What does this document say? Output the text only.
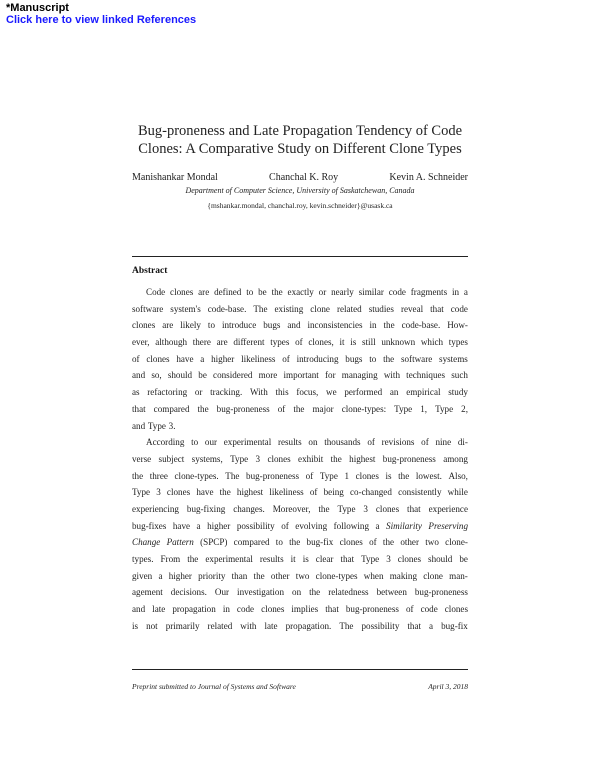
*Manuscript
Click here to view linked References
Bug-proneness and Late Propagation Tendency of Code
Clones: A Comparative Study on Different Clone Types
Manishankar Mondal	Chanchal K. Roy	Kevin A. Schneider
Department of Computer Science, University of Saskatchewan, Canada
{mshankar.mondal, chanchal.roy, kevin.schneider}@usask.ca
Abstract
Code clones are defined to be the exactly or nearly similar code fragments in a
software system's code-base. The existing clone related studies reveal that code
clones are likely to introduce bugs and inconsistencies in the code-base. How-
ever, although there are different types of clones, it is still unknown which types
of clones have a higher likeliness of introducing bugs to the software systems
and so, should be considered more important for managing with techniques such
as refactoring or tracking. With this focus, we performed an empirical study
that compared the bug-proneness of the major clone-types: Type 1, Type 2,
and Type 3.
According to our experimental results on thousands of revisions of nine di-
verse subject systems, Type 3 clones exhibit the highest bug-proneness among
the three clone-types. The bug-proneness of Type 1 clones is the lowest. Also,
Type 3 clones have the highest likeliness of being co-changed consistently while
experiencing bug-fixing changes. Moreover, the Type 3 clones that experience
bug-fixes have a higher possibility of evolving following a Similarity Preserving
Change Pattern (SPCP) compared to the bug-fix clones of the other two clone-
types. From the experimental results it is clear that Type 3 clones should be
given a higher priority than the other two clone-types when making clone man-
agement decisions. Our investigation on the relatedness between bug-proneness
and late propagation in code clones implies that bug-proneness of code clones
is not primarily related with late propagation. The possibility that a bug-fix
Preprint submitted to Journal of Systems and Software	April 3, 2018
